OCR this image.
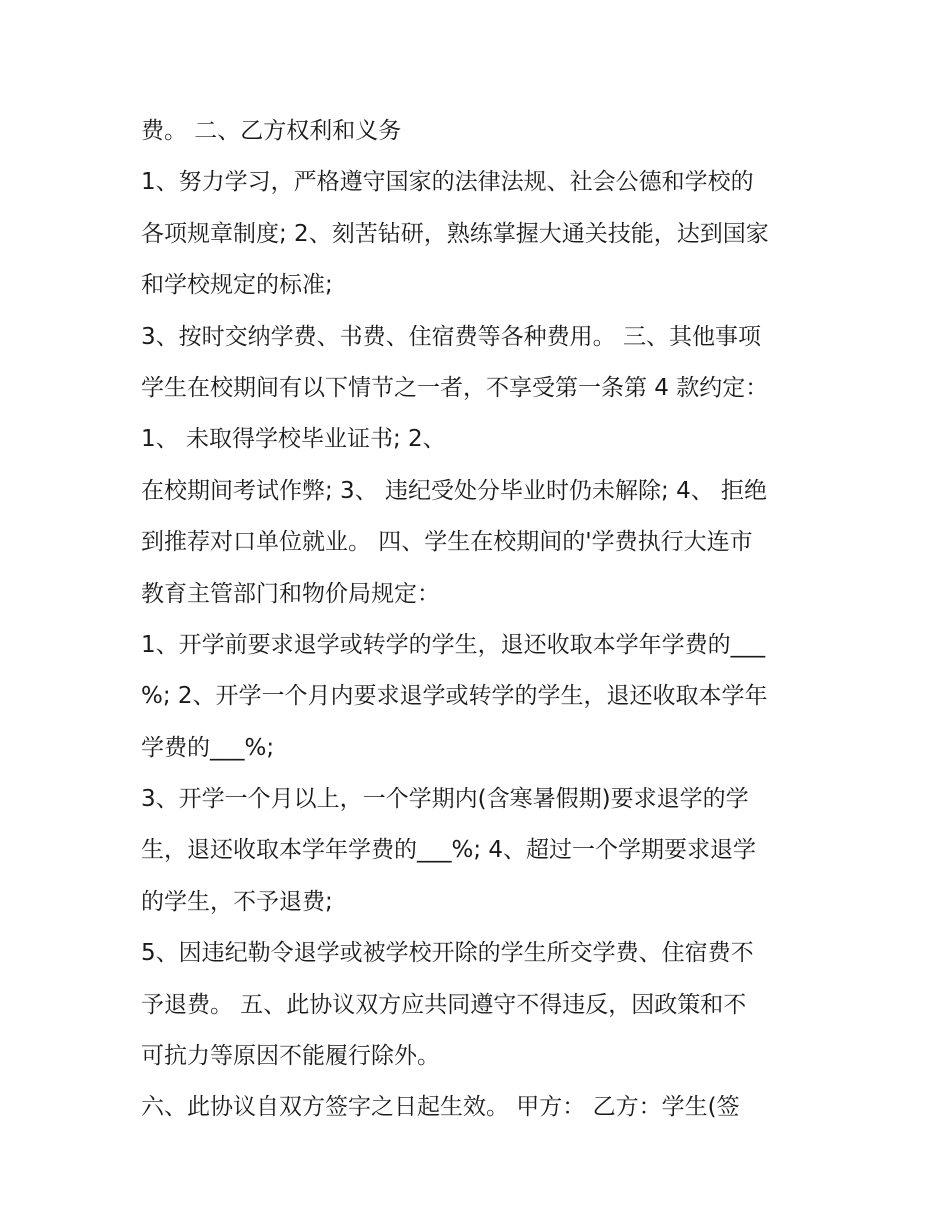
费。 二、乙方权利和义务
1、努力学习，严格遵守国家的法律法规、社会公德和学校的
各项规章制度; 2、刻苦钻研，熟练掌握大通关技能，达到国家
和学校规定的标准;
3、按时交纳学费、书费、住宿费等各种费用。 三、其他事项
学生在校期间有以下情节之一者，不享受第一条第 4 款约定：
1、 未取得学校毕业证书; 2、
在校期间考试作弊; 3、 违纪受处分毕业时仍未解除; 4、 拒绝
到推荐对口单位就业。 四、学生在校期间的'学费执行大连市
教育主管部门和物价局规定：
1、开学前要求退学或转学的学生，退还收取本学年学费的___
%; 2、开学一个月内要求退学或转学的学生，退还收取本学年
学费的___%;
3、开学一个月以上，一个学期内(含寒暑假期)要求退学的学
生，退还收取本学年学费的___%; 4、超过一个学期要求退学
的学生，不予退费;
5、因违纪勒令退学或被学校开除的学生所交学费、住宿费不
予退费。 五、此协议双方应共同遵守不得违反，因政策和不
可抗力等原因不能履行除外。
六、此协议自双方签字之日起生效。 甲方： 乙方：学生(签
